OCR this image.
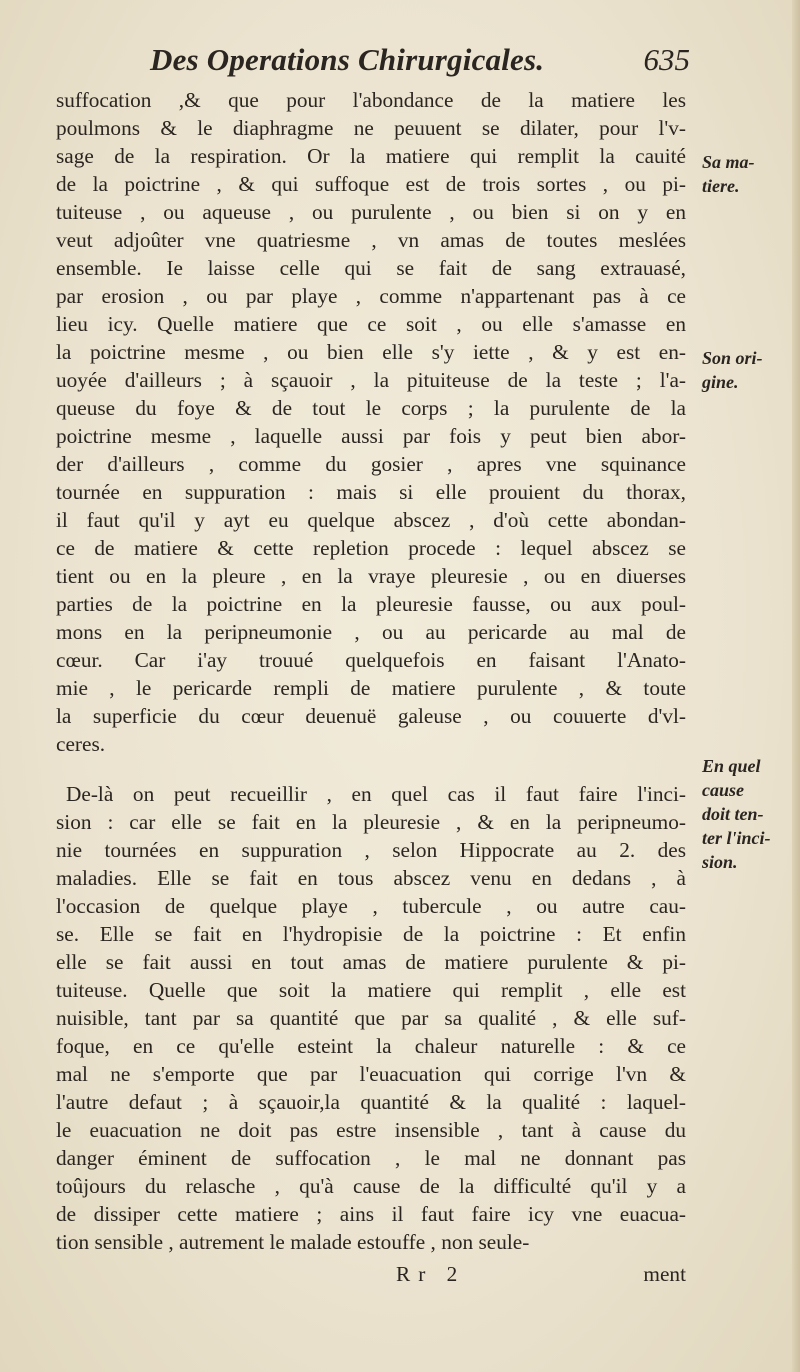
Des Operations Chirurgicales.	635
suffocation ,& que pour l'abondance de la matiere les
poulmons & le diaphragme ne peuuent se dilater, pour l'v-
sage de la respiration. Or la matiere qui remplit la cauité
de la poictrine , & qui suffoque est de trois sortes , ou pi-
tuiteuse , ou aqueuse , ou purulente , ou bien si on y en
veut adjoûter vne quatriesme , vn amas de toutes meslées
ensemble. Ie laisse celle qui se fait de sang extrauasé,
par erosion , ou par playe , comme n'appartenant pas à ce
lieu icy. Quelle matiere que ce soit , ou elle s'amasse en
la poictrine mesme , ou bien elle s'y iette , & y est en-
uoyée d'ailleurs ; à sçauoir , la pituiteuse de la teste ; l'a-
queuse du foye & de tout le corps ; la purulente de la
poictrine mesme , laquelle aussi par fois y peut bien abor-
der d'ailleurs , comme du gosier , apres vne squinance
tournée en suppuration : mais si elle prouient du thorax,
il faut qu'il y ayt eu quelque abscez , d'où cette abondan-
ce de matiere & cette repletion procede : lequel abscez se
tient ou en la pleure , en la vraye pleuresie , ou en diuerses
parties de la poictrine en la pleuresie fausse, ou aux poul-
mons en la peripneumonie , ou au pericarde au mal de
cœur. Car i'ay trouué quelquefois en faisant l'Anato-
mie , le pericarde rempli de matiere purulente , & toute
la superficie du cœur deuenuë galeuse , ou couuerte d'vl-
ceres.
De-là on peut recueillir , en quel cas il faut faire l'inci-
sion : car elle se fait en la pleuresie , & en la peripneumo-
nie tournées en suppuration , selon Hippocrate au 2. des
maladies. Elle se fait en tous abscez venu en dedans , à
l'occasion de quelque playe , tubercule , ou autre cau-
se. Elle se fait en l'hydropisie de la poictrine : Et enfin
elle se fait aussi en tout amas de matiere purulente & pi-
tuiteuse. Quelle que soit la matiere qui remplit , elle est
nuisible, tant par sa quantité que par sa qualité , & elle suf-
foque, en ce qu'elle esteint la chaleur naturelle : & ce
mal ne s'emporte que par l'euacuation qui corrige l'vn &
l'autre defaut ; à sçauoir,la quantité & la qualité : laquel-
le euacuation ne doit pas estre insensible , tant à cause du
danger éminent de suffocation , le mal ne donnant pas
toûjours du relasche , qu'à cause de la difficulté qu'il y a
de dissiper cette matiere ; ains il faut faire icy vne euacua-
tion sensible , autrement le malade estouffe , non seule-
Sa ma-
tiere.
Son ori-
gine.
En quel
cause
doit ten-
ter l'inci-
sion.
Rr 2	ment
